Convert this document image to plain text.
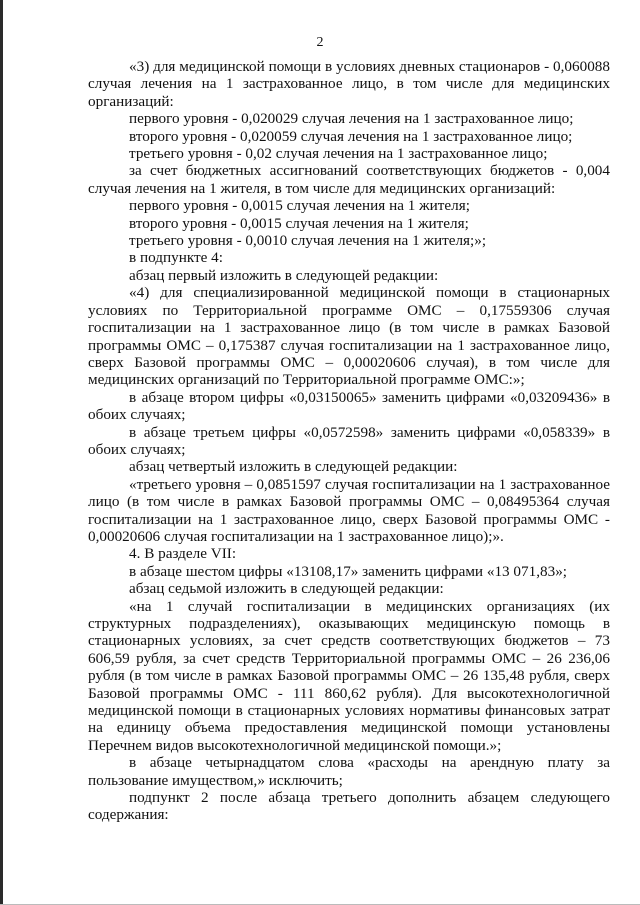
2

«3) для медицинской помощи в условиях дневных стационаров - 0,060088 случая лечения на 1 застрахованное лицо, в том числе для медицинских организаций:

первого уровня - 0,020029 случая лечения на 1 застрахованное лицо;

второго уровня - 0,020059 случая лечения на 1 застрахованное лицо;

третьего уровня - 0,02 случая лечения на 1 застрахованное лицо;

за счет бюджетных ассигнований соответствующих бюджетов - 0,004 случая лечения на 1 жителя, в том числе для медицинских организаций:

первого уровня - 0,0015 случая лечения на 1 жителя;

второго уровня - 0,0015 случая лечения на 1 жителя;

третьего уровня - 0,0010 случая лечения на 1 жителя;»;

в подпункте 4:

абзац первый изложить в следующей редакции:

«4) для специализированной медицинской помощи в стационарных условиях по Территориальной программе ОМС – 0,17559306 случая госпитализации на 1 застрахованное лицо (в том числе в рамках Базовой программы ОМС – 0,175387 случая госпитализации на 1 застрахованное лицо, сверх Базовой программы ОМС – 0,00020606 случая), в том числе для медицинских организаций по Территориальной программе ОМС:»;

в абзаце втором цифры «0,03150065» заменить цифрами «0,03209436» в обоих случаях;

в абзаце третьем цифры «0,0572598» заменить цифрами «0,058339» в обоих случаях;

абзац четвертый изложить в следующей редакции:

«третьего уровня – 0,0851597 случая госпитализации на 1 застрахованное лицо (в том числе в рамках Базовой программы ОМС – 0,08495364 случая госпитализации на 1 застрахованное лицо, сверх Базовой программы ОМС - 0,00020606 случая госпитализации на 1 застрахованное лицо);».

4. В разделе VII:

в абзаце шестом цифры «13108,17» заменить цифрами «13 071,83»;

абзац седьмой изложить в следующей редакции:

«на 1 случай госпитализации в медицинских организациях (их структурных подразделениях), оказывающих медицинскую помощь в стационарных условиях, за счет средств соответствующих бюджетов – 73 606,59 рубля, за счет средств Территориальной программы ОМС – 26 236,06 рубля (в том числе в рамках Базовой программы ОМС – 26 135,48 рубля, сверх Базовой программы ОМС - 111 860,62 рубля). Для высокотехнологичной медицинской помощи в стационарных условиях нормативы финансовых затрат на единицу объема предоставления медицинской помощи установлены Перечнем видов высокотехнологичной медицинской помощи.»;

в абзаце четырнадцатом слова «расходы на арендную плату за пользование имуществом,» исключить;

подпункт 2 после абзаца третьего дополнить абзацем следующего содержания:
